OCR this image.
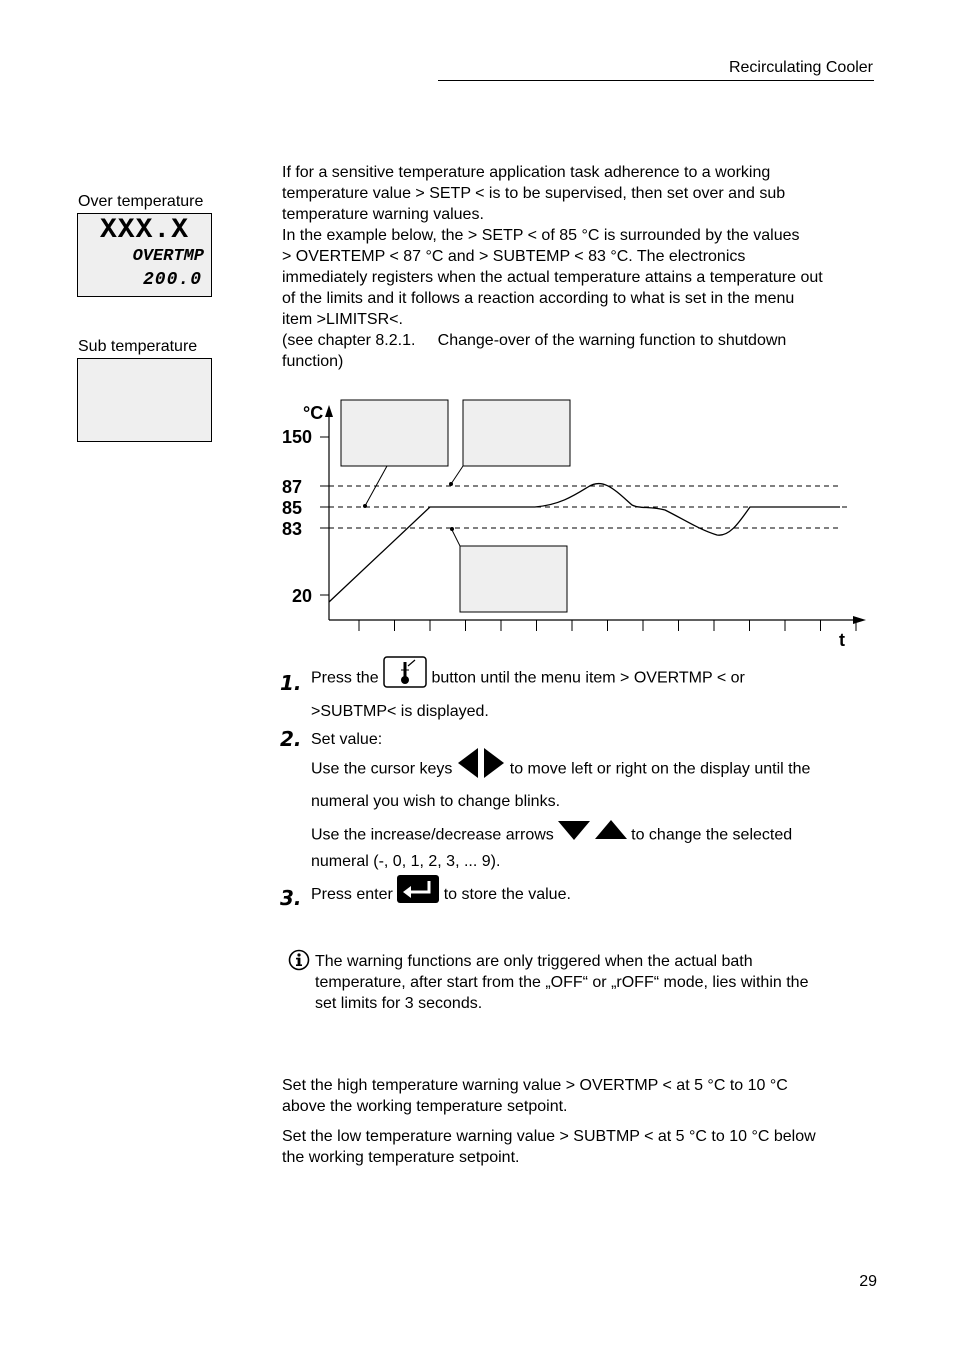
Recirculating Cooler
Over temperature
XXX.X
OVERTMP
200.0
Sub temperature
If for a sensitive temperature application task adherence to a working
temperature value > SETP < is to be supervised, then set over and sub
temperature warning values.
In the example below, the > SETP < of 85 °C is surrounded by the values
> OVERTEMP < 87 °C and > SUBTEMP < 83 °C. The electronics
immediately registers when the actual temperature attains a temperature out
of the limits and it follows a reaction according to what is set in the menu
item >LIMITSR<.
(see chapter 8.2.1.     Change-over of the warning function to shutdown
function)
°C
t
150
87
85
83
20
1. Press the	button until the menu item > OVERTMP < or
>SUBTMP< is displayed.
2. Set value:
Use the cursor keys	to move left or right on the display until the
numeral you wish to change blinks.
Use the increase/decrease arrows	to change the selected
numeral (-, 0, 1, 2, 3, ... 9).
3. Press enter	to store the value.
The warning functions are only triggered when the actual bath
temperature, after start from the „OFF“ or „rOFF“ mode, lies within the
set limits for 3 seconds.
Set the high temperature warning value > OVERTMP < at 5 °C to 10 °C
above the working temperature setpoint.
Set the low temperature warning value > SUBTMP < at 5 °C to 10 °C below
the working temperature setpoint.
29
